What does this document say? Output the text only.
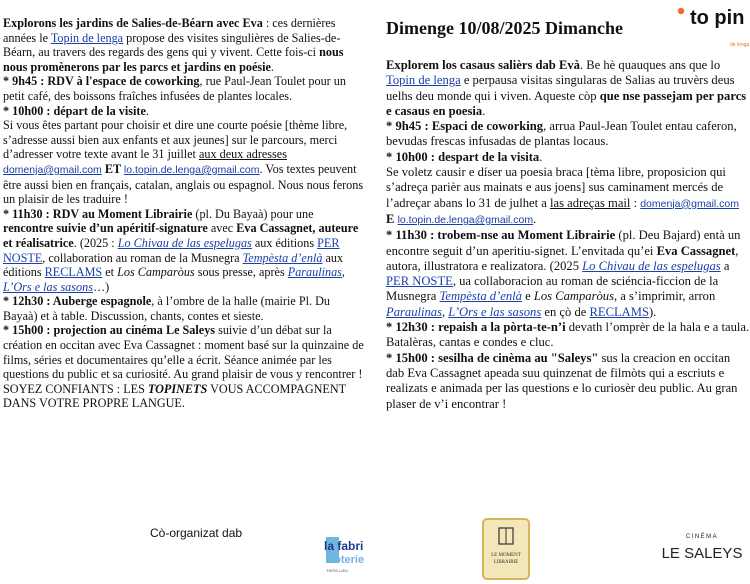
Explorons les jardins de Salies-de-Béarn avec Eva : ces dernières années le Topin de lenga propose des visites singulières de Salies-de-Béarn, au travers des regards des gens qui y vivent. Cette fois-ci nous nous promènerons par les parcs et jardins en poésie.

* 9h45 : RDV à l'espace de coworking, rue Paul-Jean Toulet pour un petit café, des boissons fraîches infusées de plantes locales.

* 10h00 : départ de la visite.

Si vous êtes partant pour choisir et dire une courte poésie [thème libre, s’adresse aussi bien aux enfants et aux jeunes] sur le parcours, merci d’adresser votre texte avant le 31 juillet aux deux adresses domenja@gmail.com ET lo.topin.de.lenga@gmail.com. Vos textes peuvent être aussi bien en français, catalan, anglais ou espagnol. Nous nous ferons un plaisir de les traduire !

* 11h30 : RDV au Moment Librairie (pl. Du Bayaà) pour une rencontre suivie d’un apéritif-signature avec Eva Cassagnet, auteure et réalisatrice. (2025 : Lo Chivau de las espelugas aux éditions PER NOSTE, collaboration au roman de la Musnegra Tempèsta d’enlà aux éditions RECLAMS et Los Camparòus sous presse, après Paraulinas, L’Ors e las sasons…)

* 12h30 : Auberge espagnole, à l’ombre de la halle (mairie Pl. Du Bayaà) et à table. Discussion, chants, contes et sieste.

* 15h00 : projection au cinéma Le Saleys suivie d’un débat sur la création en occitan avec Eva Cassagnet : moment basé sur la quinzaine de films, séries et documentaires qu’elle a écrit. Séance animée par les questions du public et sa curiosité. Au grand plaisir de vous y rencontrer ! SOYEZ CONFIANTS : LES TOPINETS VOUS ACCOMPAGNENT DANS VOTRE PROPRE LANGUE.

Dimenge 10/08/2025 Dimanche	to pin
de lenga

Explorem los casaus salièrs dab Evà. Be hè quauques ans que lo Topin de lenga e perpausa visitas singularas de Salias au truvèrs deus uelhs deu monde qui i viven. Aqueste còp que nse passejam per parcs e casaus en poesia.

* 9h45 : Espaci de coworking, arrua Paul-Jean Toulet entau caferon, bevudas frescas infusadas de plantas locaus.

* 10h00 : despart de la visita.

Se voletz causir e díser ua poesia braca [tèma libre, proposicion qui s’adreça parièr aus mainats e aus joens] sus caminament mercés de l’adreçar abans lo 31 de julhet a las adreças mail : domenja@gmail.com E lo.topin.de.lenga@gmail.com.

* 11h30 : trobem-nse au Moment Librairie (pl. Deu Bajard) entà un encontre seguit d’un aperitiu-signet. L’envitada qu’ei Eva Cassagnet, autora, illustratora e realizatora. (2025 Lo Chivau de las espelugas a PER NOSTE, ua collaboracion au roman de sciéncia-ficcion de la Musnegra Tempèsta d’enlà e Los Camparòus, a s’imprimir, arron Paraulinas, L’Ors e las sasons en çò de RECLAMS).

* 12h30 : repaish a la pòrta-te-n’i devath l’omprèr de la hala e a taula. Batalèras, cantas e condes e cluc.

* 15h00 : sesilha de cinèma au "Saleys" sus la creacion en occitan dab Eva Cassagnet apeada suu quinzenat de filmòts qui a escriuts e realizats e animada per las questions e lo curiosèr deu public. Au gran plaser de v’i encontrar !

Cò-organizat dab
la fabri
coterie
TIERS-LIEU
LE MOMENT
LIBRAIRIE
CINÉMA
LE SALEYS
